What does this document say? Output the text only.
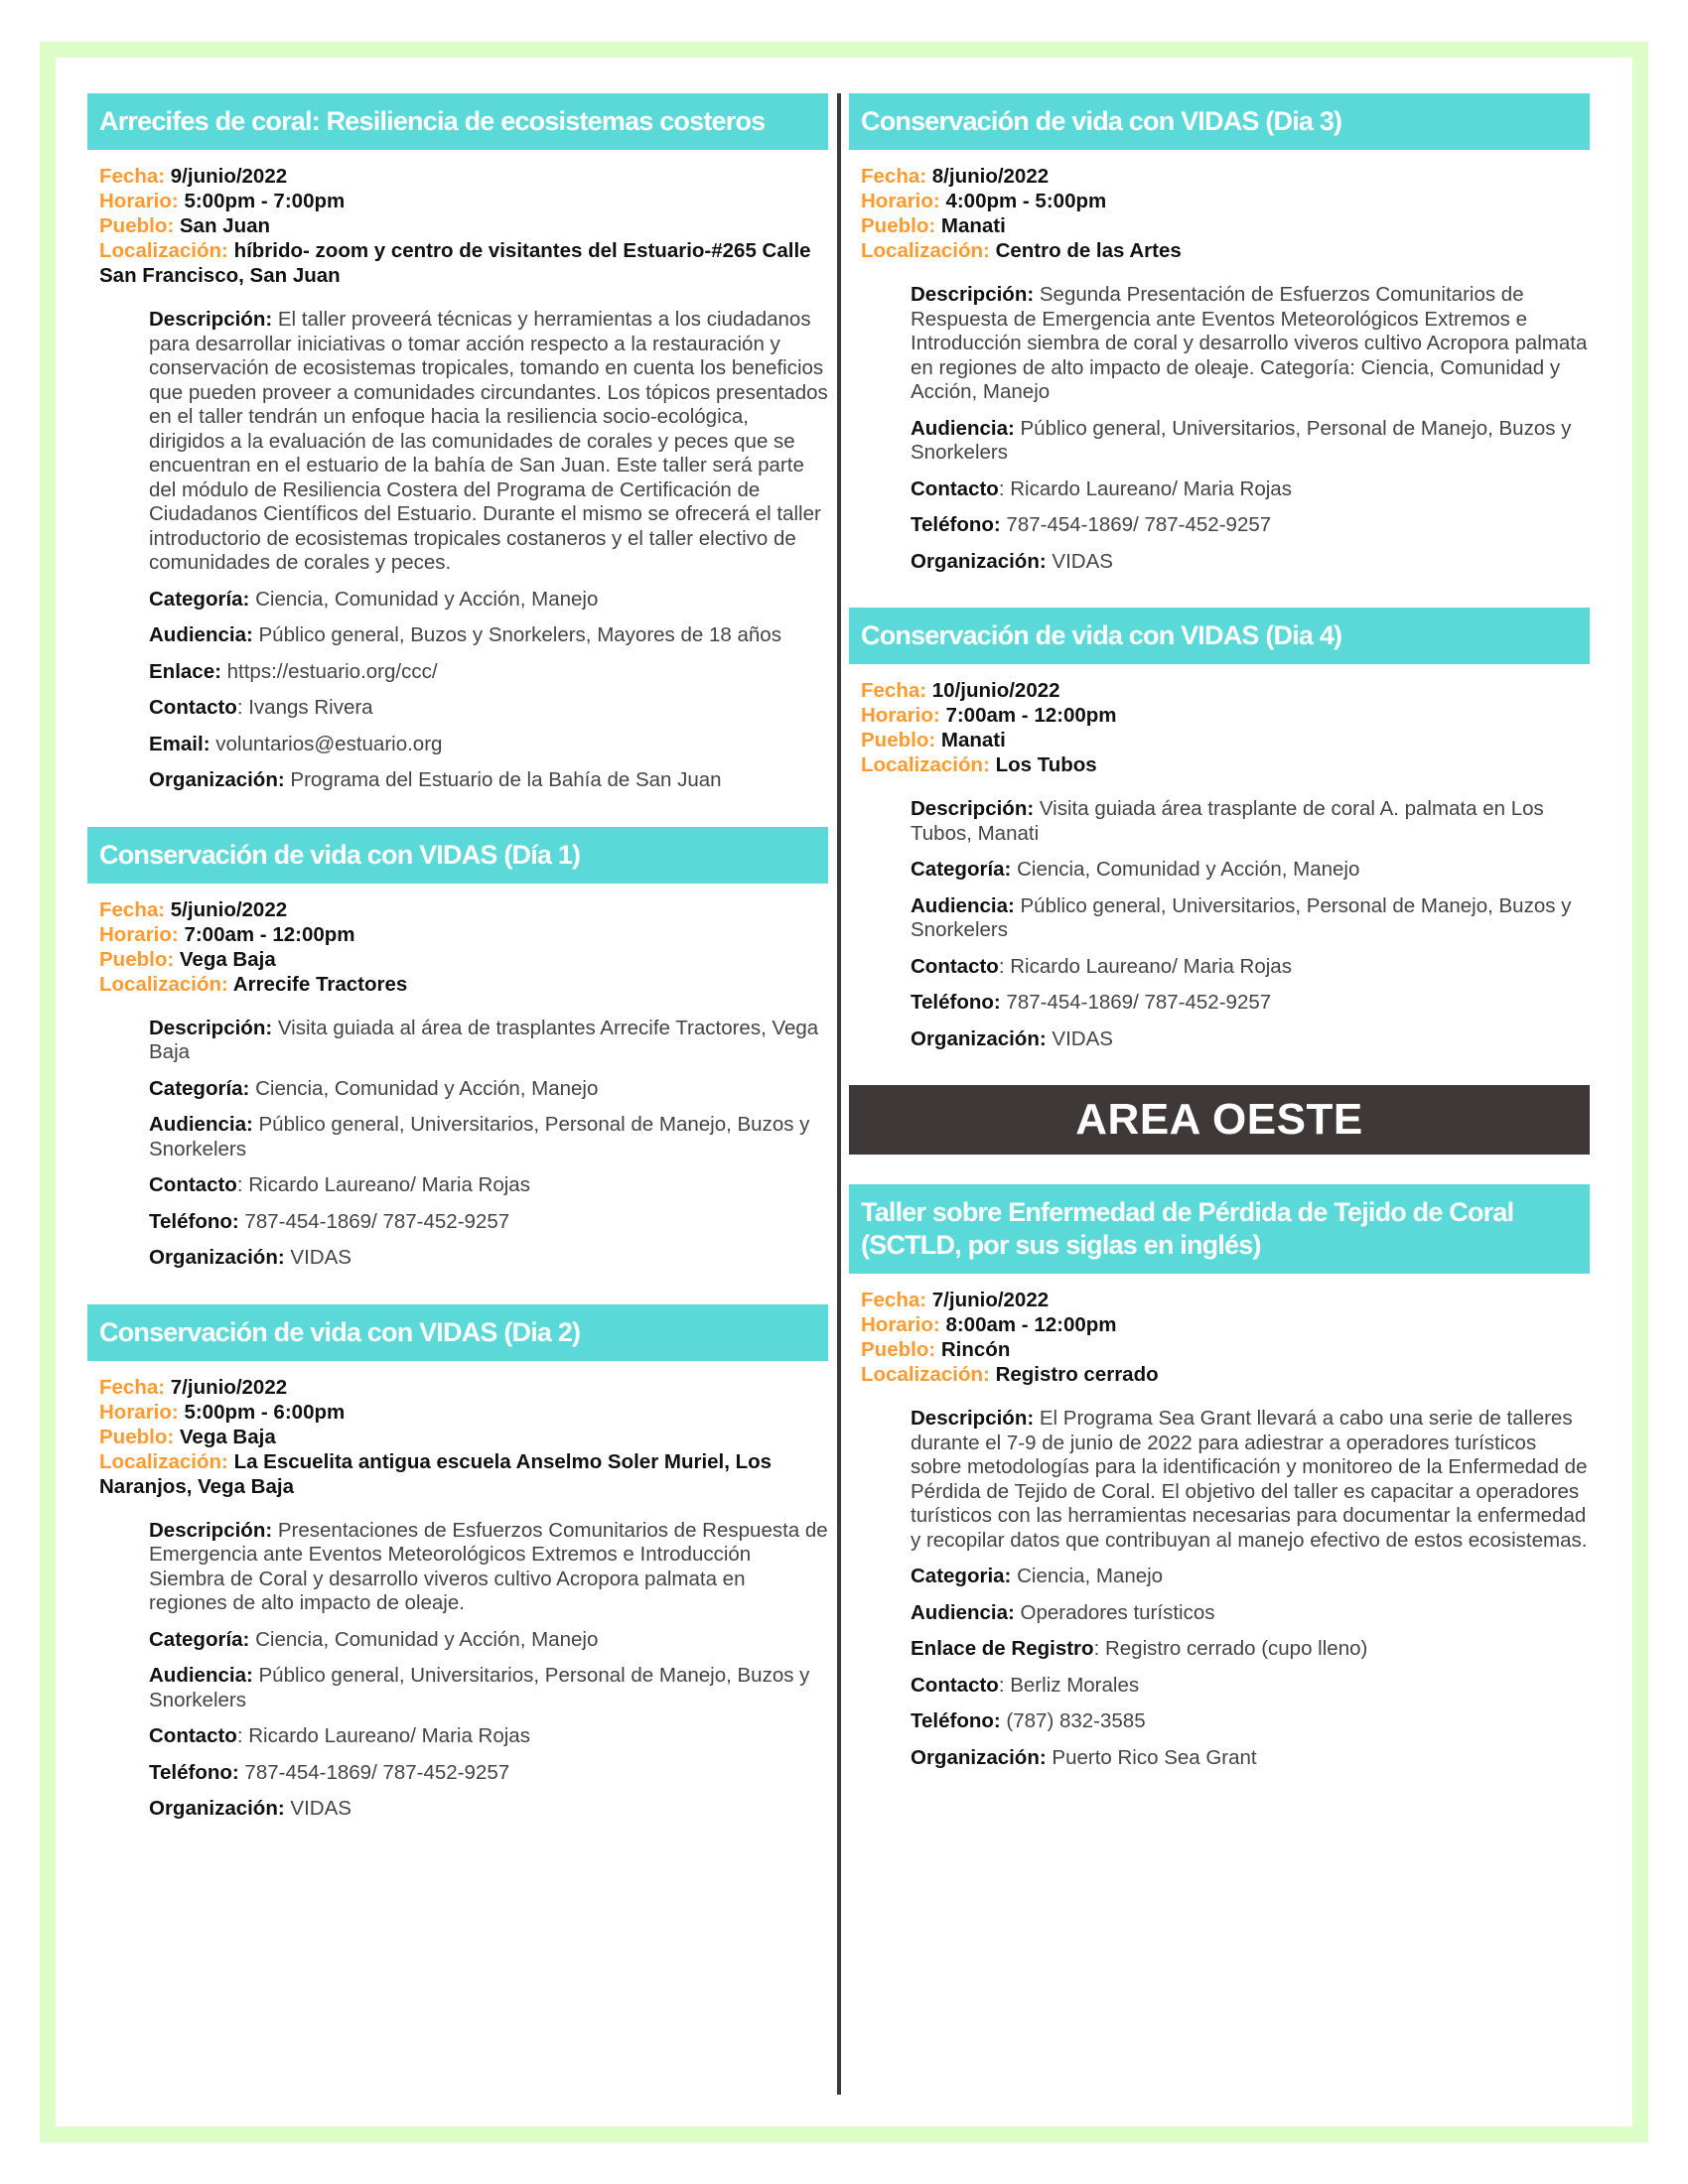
Arrecifes de coral: Resiliencia de ecosistemas costeros
Fecha: 9/junio/2022
Horario: 5:00pm - 7:00pm
Pueblo: San Juan
Localización: híbrido- zoom y centro de visitantes del Estuario-#265 Calle San Francisco, San Juan

Descripción: El taller proveerá técnicas y herramientas a los ciudadanos para desarrollar iniciativas o tomar acción respecto a la restauración y conservación de ecosistemas tropicales, tomando en cuenta los beneficios que pueden proveer a comunidades circundantes. Los tópicos presentados en el taller tendrán un enfoque hacia la resiliencia socio-ecológica, dirigidos a la evaluación de las comunidades de corales y peces que se encuentran en el estuario de la bahía de San Juan. Este taller será parte del módulo de Resiliencia Costera del Programa de Certificación de Ciudadanos Científicos del Estuario. Durante el mismo se ofrecerá el taller introductorio de ecosistemas tropicales costaneros y el taller electivo de comunidades de corales y peces.

Categoría: Ciencia, Comunidad y Acción, Manejo

Audiencia: Público general, Buzos y Snorkelers, Mayores de 18 años

Enlace: https://estuario.org/ccc/

Contacto: Ivangs Rivera

Email: voluntarios@estuario.org

Organización: Programa del Estuario de la Bahía de San Juan

Conservación de vida con VIDAS (Día 1)
Fecha: 5/junio/2022
Horario: 7:00am - 12:00pm
Pueblo: Vega Baja
Localización: Arrecife Tractores

Descripción: Visita guiada al área de trasplantes Arrecife Tractores, Vega Baja

Categoría: Ciencia, Comunidad y Acción, Manejo

Audiencia: Público general, Universitarios, Personal de Manejo, Buzos y Snorkelers

Contacto: Ricardo Laureano/ Maria Rojas

Teléfono: 787-454-1869/ 787-452-9257

Organización: VIDAS

Conservación de vida con VIDAS (Dia 2)
Fecha: 7/junio/2022
Horario: 5:00pm - 6:00pm
Pueblo: Vega Baja
Localización: La Escuelita antigua escuela Anselmo Soler Muriel, Los Naranjos, Vega Baja

Descripción: Presentaciones de Esfuerzos Comunitarios de Respuesta de Emergencia ante Eventos Meteorológicos Extremos e Introducción Siembra de Coral y desarrollo viveros cultivo Acropora palmata en regiones de alto impacto de oleaje.

Categoría: Ciencia, Comunidad y Acción, Manejo

Audiencia: Público general, Universitarios, Personal de Manejo, Buzos y Snorkelers

Contacto: Ricardo Laureano/ Maria Rojas

Teléfono: 787-454-1869/ 787-452-9257

Organización: VIDAS

Conservación de vida con VIDAS (Dia 3)
Fecha: 8/junio/2022
Horario: 4:00pm - 5:00pm
Pueblo: Manati
Localización: Centro de las Artes

Descripción: Segunda Presentación de Esfuerzos Comunitarios de Respuesta de Emergencia ante Eventos Meteorológicos Extremos e Introducción siembra de coral y desarrollo viveros cultivo Acropora palmata en regiones de alto impacto de oleaje. Categoría: Ciencia, Comunidad y Acción, Manejo

Audiencia: Público general, Universitarios, Personal de Manejo, Buzos y Snorkelers

Contacto: Ricardo Laureano/ Maria Rojas

Teléfono: 787-454-1869/ 787-452-9257

Organización: VIDAS

Conservación de vida con VIDAS (Dia 4)
Fecha: 10/junio/2022
Horario: 7:00am - 12:00pm
Pueblo: Manati
Localización: Los Tubos

Descripción: Visita guiada área trasplante de coral A. palmata en Los Tubos, Manati

Categoría: Ciencia, Comunidad y Acción, Manejo

Audiencia: Público general, Universitarios, Personal de Manejo, Buzos y Snorkelers

Contacto: Ricardo Laureano/ Maria Rojas

Teléfono: 787-454-1869/ 787-452-9257

Organización: VIDAS

AREA OESTE
Taller sobre Enfermedad de Pérdida de Tejido de Coral (SCTLD, por sus siglas en inglés)
Fecha: 7/junio/2022
Horario: 8:00am - 12:00pm
Pueblo: Rincón
Localización: Registro cerrado

Descripción: El Programa Sea Grant llevará a cabo una serie de talleres durante el 7-9 de junio de 2022 para adiestrar a operadores turísticos sobre metodologías para la identificación y monitoreo de la Enfermedad de Pérdida de Tejido de Coral. El objetivo del taller es capacitar a operadores turísticos con las herramientas necesarias para documentar la enfermedad y recopilar datos que contribuyan al manejo efectivo de estos ecosistemas.

Categoria: Ciencia, Manejo

Audiencia: Operadores turísticos

Enlace de Registro: Registro cerrado (cupo lleno)

Contacto: Berliz Morales

Teléfono: (787) 832-3585

Organización: Puerto Rico Sea Grant
